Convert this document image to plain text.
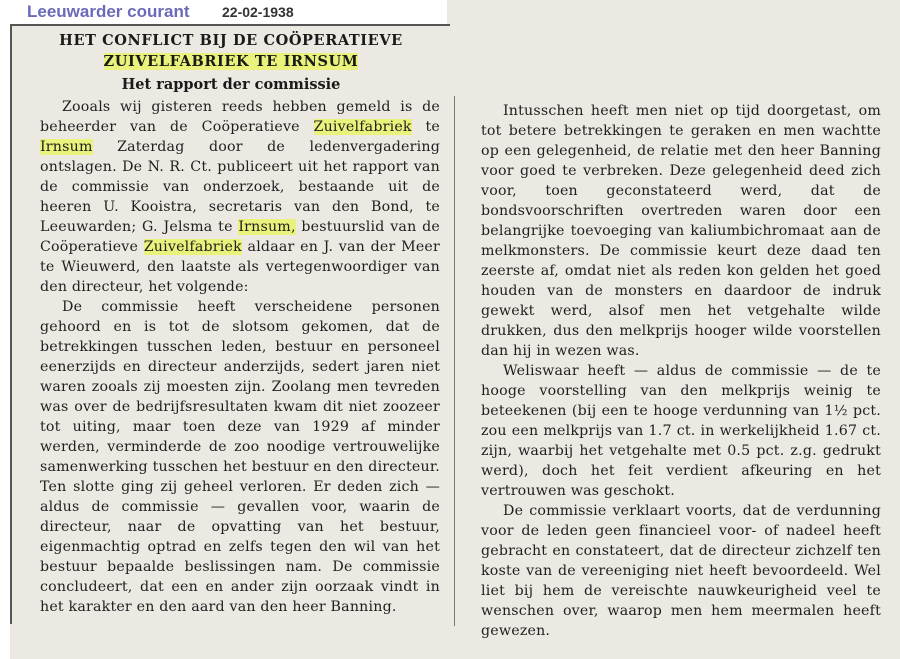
Leeuwarder courant 22-02-1938
HET CONFLICT BIJ DE COÖPERATIEVE
ZUIVELFABRIEK TE IRNSUM
Het rapport der commissie

Zooals wij gisteren reeds hebben gemeld is de beheerder van de Coöperatieve Zuivelfabriek te Irnsum Zaterdag door de ledenvergadering ontslagen. De N. R. Ct. publiceert uit het rapport van de commissie van onderzoek, bestaande uit de heeren U. Kooistra, secretaris van den Bond, te Leeuwarden; G. Jelsma te Irnsum, bestuurslid van de Coöperatieve Zuivelfabriek aldaar en J. van der Meer te Wieuwerd, den laatste als vertegenwoordiger van den directeur, het volgende:

De commissie heeft verscheidene personen gehoord en is tot de slotsom gekomen, dat de betrekkingen tusschen leden, bestuur en personeel eenerzijds en directeur anderzijds, sedert jaren niet waren zooals zij moesten zijn. Zoolang men tevreden was over de bedrijfsresultaten kwam dit niet zoozeer tot uiting, maar toen deze van 1929 af minder werden, verminderde de zoo noodige vertrouwelijke samenwerking tusschen het bestuur en den directeur. Ten slotte ging zij geheel verloren. Er deden zich — aldus de commissie — gevallen voor, waarin de directeur, naar de opvatting van het bestuur, eigenmachtig optrad en zelfs tegen den wil van het bestuur bepaalde beslissingen nam. De commissie concludeert, dat een en ander zijn oorzaak vindt in het karakter en den aard van den heer Banning.

Intusschen heeft men niet op tijd doorgetast, om tot betere betrekkingen te geraken en men wachtte op een gelegenheid, de relatie met den heer Banning voor goed te verbreken. Deze gelegenheid deed zich voor, toen geconstateerd werd, dat de bondsvoorschriften overtreden waren door een belangrijke toevoeging van kaliumbichromaat aan de melkmonsters. De commissie keurt deze daad ten zeerste af, omdat niet als reden kon gelden het goed houden van de monsters en daardoor de indruk gewekt werd, alsof men het vetgehalte wilde drukken, dus den melkprijs hooger wilde voorstellen dan hij in wezen was.

Weliswaar heeft — aldus de commissie — de te hooge voorstelling van den melkprijs weinig te beteekenen (bij een te hooge verdunning van 1½ pct. zou een melkprijs van 1.7 ct. in werkelijkheid 1.67 ct. zijn, waarbij het vetgehalte met 0.5 pct. z.g. gedrukt werd), doch het feit verdient afkeuring en het vertrouwen was geschokt.

De commissie verklaart voorts, dat de verdunning voor de leden geen financieel voor- of nadeel heeft gebracht en constateert, dat de directeur zichzelf ten koste van de vereeniging niet heeft bevoordeeld. Wel liet bij hem de vereischte nauwkeurigheid veel te wenschen over, waarop men hem meermalen heeft gewezen.
